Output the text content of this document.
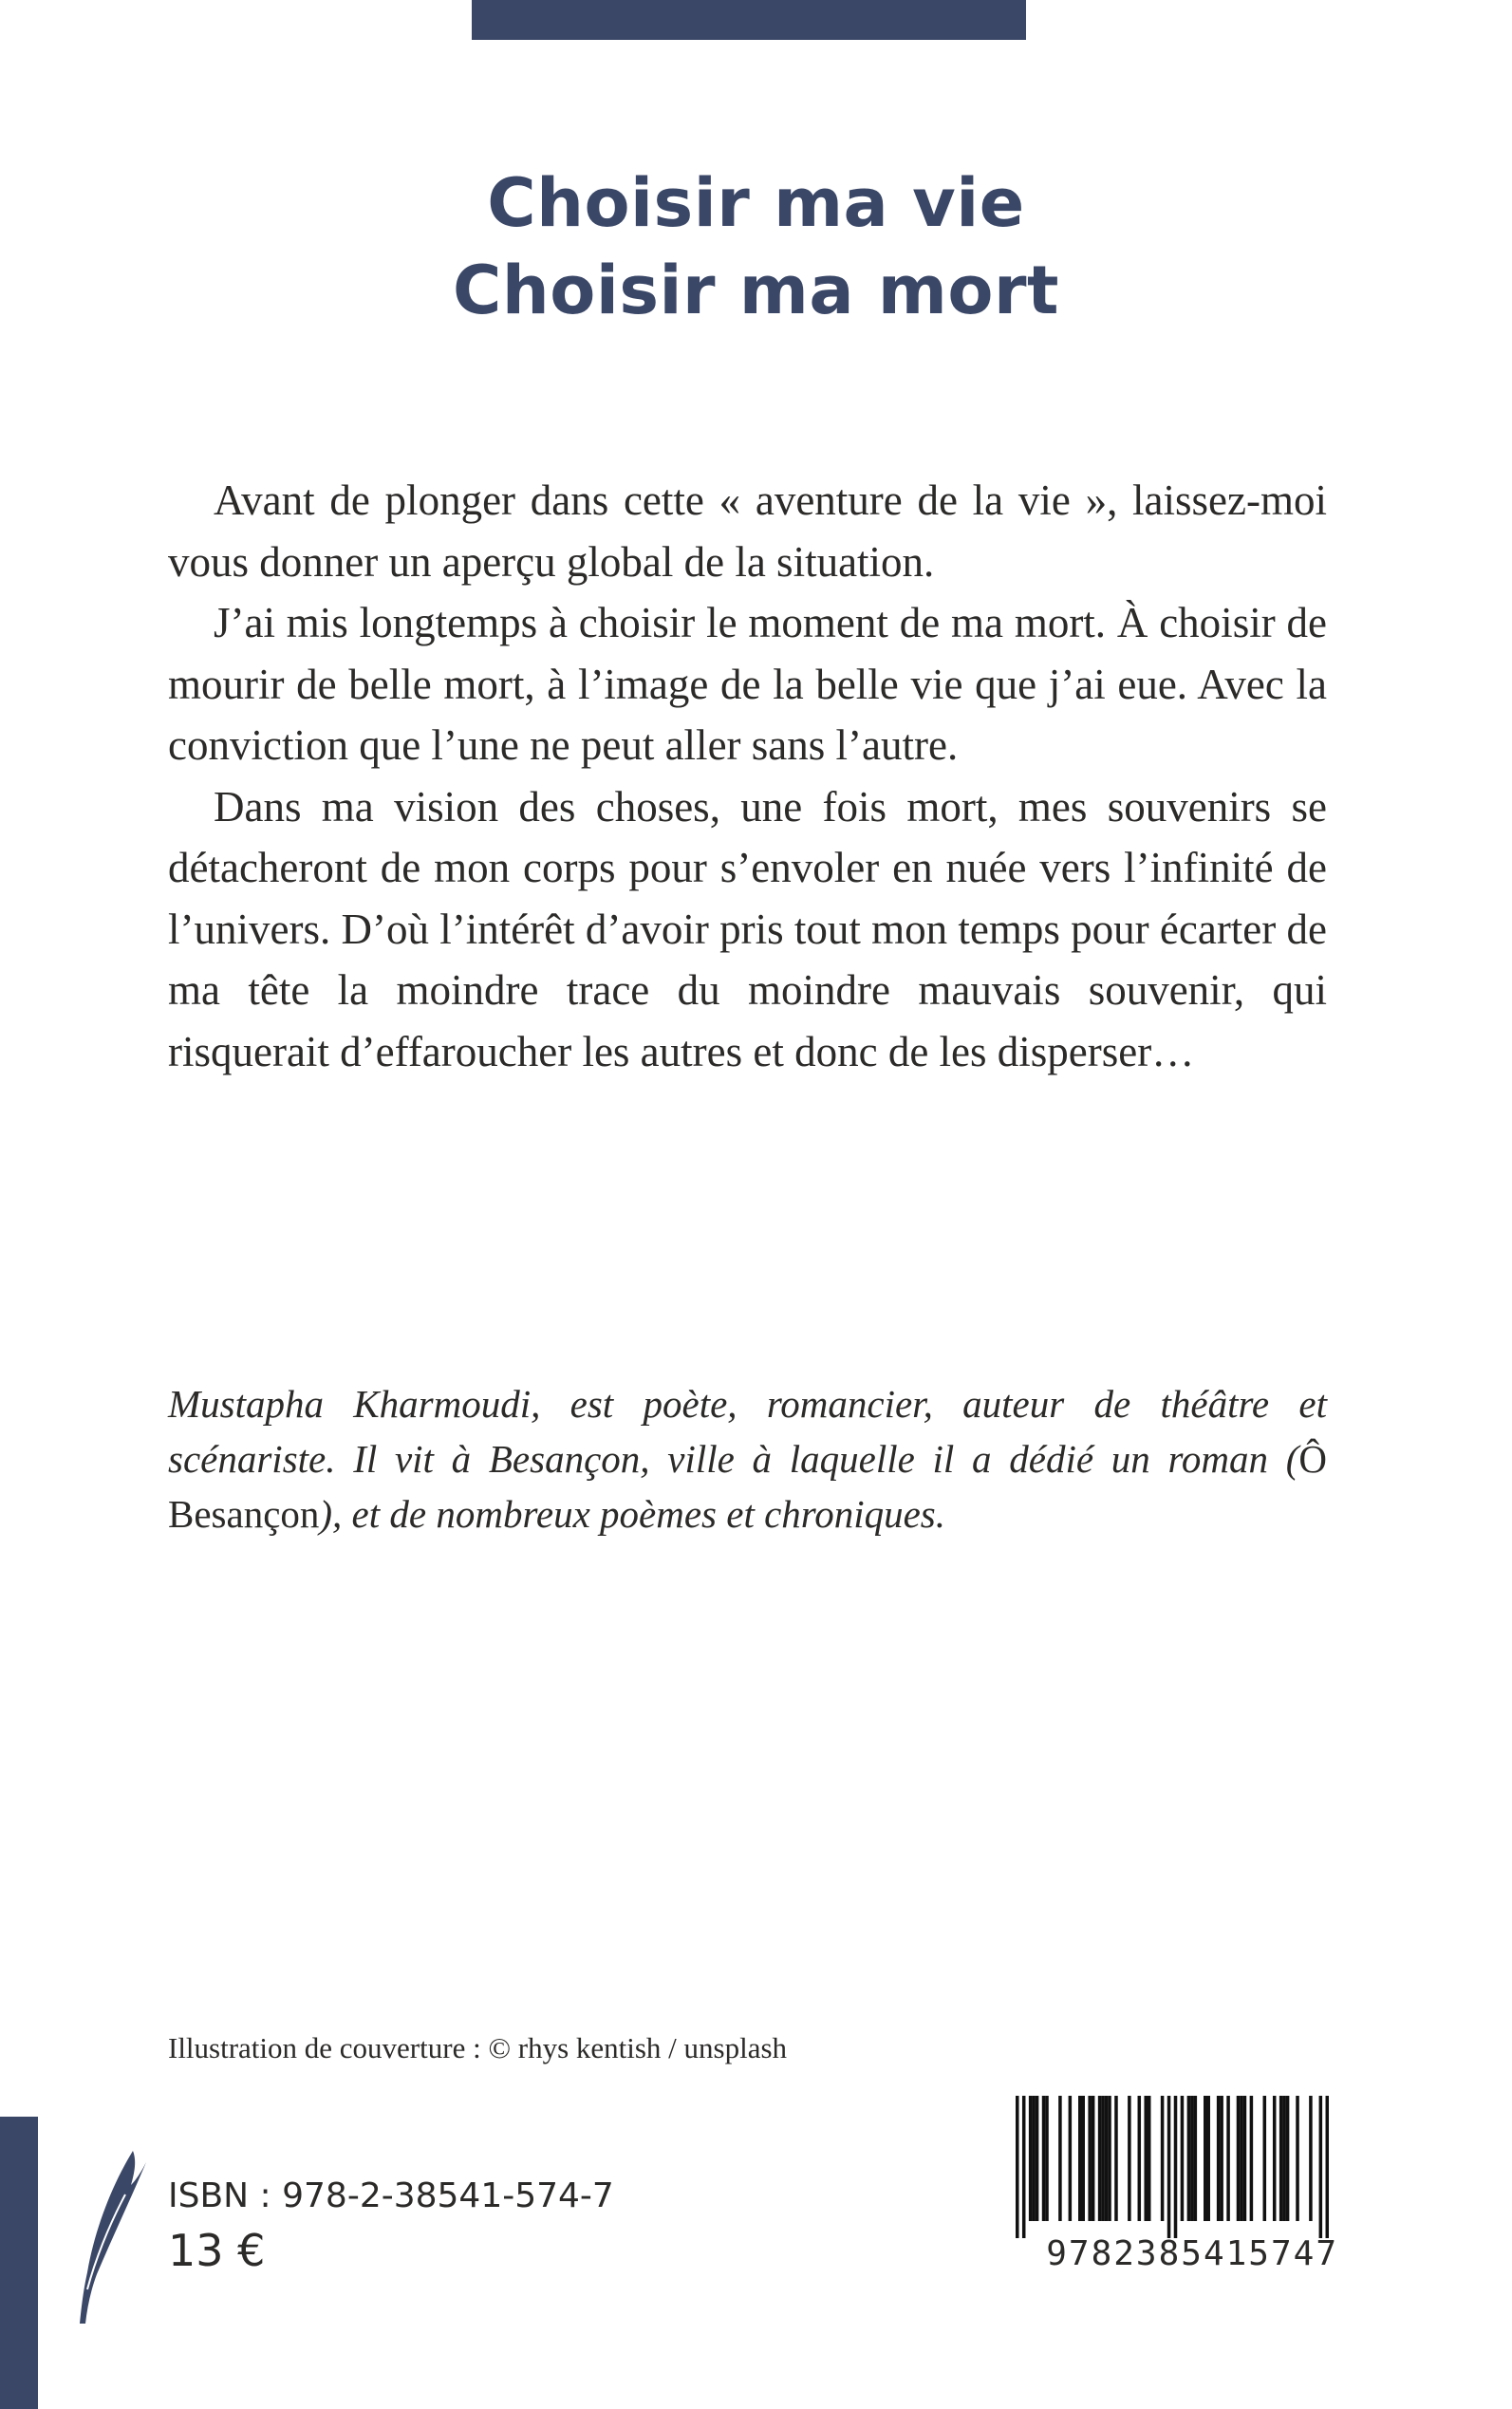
Choisir ma vie
Choisir ma mort

Avant de plonger dans cette « aventure de la vie », laissez-moi vous donner un aperçu global de la situation.

J’ai mis longtemps à choisir le moment de ma mort. À choisir de mourir de belle mort, à l’image de la belle vie que j’ai eue. Avec la conviction que l’une ne peut aller sans l’autre.

Dans ma vision des choses, une fois mort, mes souvenirs se détacheront de mon corps pour s’envoler en nuée vers l’infinité de l’univers. D’où l’intérêt d’avoir pris tout mon temps pour écarter de ma tête la moindre trace du moindre mauvais souvenir, qui risquerait d’effaroucher les autres et donc de les disperser…

Mustapha Kharmoudi, est poète, romancier, auteur de théâtre et scénariste. Il vit à Besançon, ville à laquelle il a dédié un roman (Ô Besançon), et de nombreux poèmes et chroniques.
Illustration de couverture : © rhys kentish / unsplash
ISBN : 978-2-38541-574-7
13 €	9782385415747
